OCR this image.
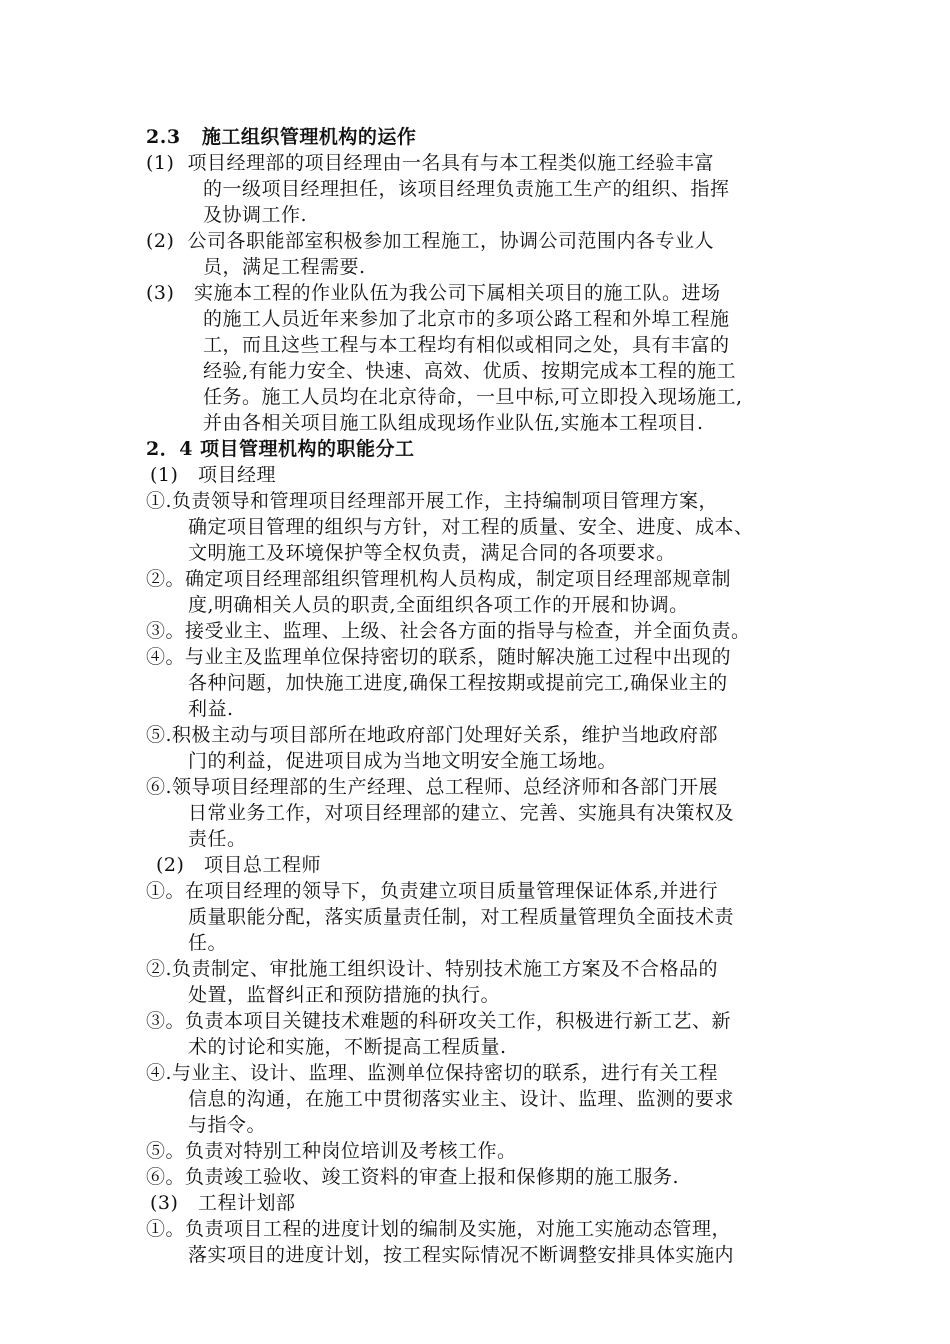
2.3   施工组织管理机构的运作
(1)  项目经理部的项目经理由一名具有与本工程类似施工经验丰富
的一级项目经理担任，该项目经理负责施工生产的组织、指挥
及协调工作.
(2)  公司各职能部室积极参加工程施工，协调公司范围内各专业人
员，满足工程需要.
(3)   实施本工程的作业队伍为我公司下属相关项目的施工队。进场
的施工人员近年来参加了北京市的多项公路工程和外埠工程施
工，而且这些工程与本工程均有相似或相同之处，具有丰富的
经验,有能力安全、快速、高效、优质、按期完成本工程的施工
任务。施工人员均在北京待命，一旦中标,可立即投入现场施工,
并由各相关项目施工队组成现场作业队伍,实施本工程项目.
2．4 项目管理机构的职能分工
(1)   项目经理
①.负责领导和管理项目经理部开展工作，主持编制项目管理方案，
确定项目管理的组织与方针，对工程的质量、安全、进度、成本、
文明施工及环境保护等全权负责，满足合同的各项要求。
②。确定项目经理部组织管理机构人员构成，制定项目经理部规章制
度,明确相关人员的职责,全面组织各项工作的开展和协调。
③。接受业主、监理、上级、社会各方面的指导与检查，并全面负责。
④。与业主及监理单位保持密切的联系，随时解决施工过程中出现的
各种问题，加快施工进度,确保工程按期或提前完工,确保业主的
利益.
⑤.积极主动与项目部所在地政府部门处理好关系，维护当地政府部
门的利益，促进项目成为当地文明安全施工场地。
⑥.领导项目经理部的生产经理、总工程师、总经济师和各部门开展
日常业务工作，对项目经理部的建立、完善、实施具有决策权及
责任。
(2)   项目总工程师
①。在项目经理的领导下，负责建立项目质量管理保证体系,并进行
质量职能分配，落实质量责任制，对工程质量管理负全面技术责
任。
②.负责制定、审批施工组织设计、特别技术施工方案及不合格品的
处置，监督纠正和预防措施的执行。
③。负责本项目关键技术难题的科研攻关工作，积极进行新工艺、新
术的讨论和实施，不断提高工程质量.
④.与业主、设计、监理、监测单位保持密切的联系，进行有关工程
信息的沟通，在施工中贯彻落实业主、设计、监理、监测的要求
与指令。
⑤。负责对特别工种岗位培训及考核工作。
⑥。负责竣工验收、竣工资料的审查上报和保修期的施工服务.
(3)   工程计划部
①。负责项目工程的进度计划的编制及实施，对施工实施动态管理，
落实项目的进度计划，按工程实际情况不断调整安排具体实施内
